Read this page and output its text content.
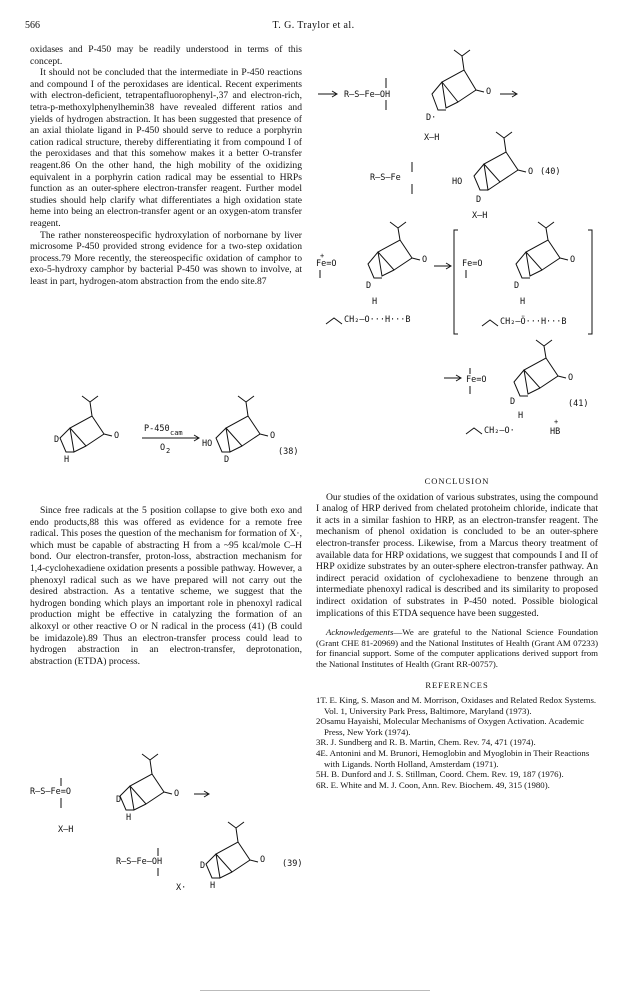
566	T. G. Traylor et al.

oxidases and P-450 may be readily understood in terms of this concept.

It should not be concluded that the intermediate in P-450 reactions and compound I of the peroxidases are identical. Recent experiments with electron-deficient, tetrapentafluorophenyl-,37 and electron-rich, tetra-p-methoxylphenylhemin38 have revealed different ratios and yields of hydrogen abstraction. It has been suggested that presence of an axial thiolate ligand in P-450 should serve to reduce a porphyrin cation radical structure, thereby differentiating it from compound I of the peroxidases and that this somehow makes it a better O-transfer reagent.86 On the other hand, the high mobility of the oxidizing equivalent in a porphyrin cation radical may be essential to HRPs function as an outer-sphere electron-transfer reagent. Further model studies should help clarify what differentiates a high oxidation state heme into being an electron-transfer agent or an oxygen-atom transfer reagent.

The rather nonstereospecific hydroxylation of norbornane by liver microsome P-450 provided strong evidence for a two-step oxidation process.79 More recently, the stereospecific oxidation of camphor to exo-5-hydroxy camphor by bacterial P-450 was shown to involve, at least in part, hydrogen-atom abstraction from the endo site.87

D
H
O
P-450 cam
O 2
HO
D
O
(38)

Since free radicals at the 5 position collapse to give both exo and endo products,88 this was offered as evidence for a remote free radical. This poses the question of the mechanism for formation of X·, which must be capable of abstracting H from a ~95 kcal/mole C–H bond. Our electron-transfer, proton-loss, abstraction mechanism for 1,4-cyclohexadiene oxidation presents a possible pathway. However, a phenoxyl radical such as we have prepared will not carry out the desired abstraction. As a tentative scheme, we suggest that the hydrogen bonding which plays an important role in phenoxyl radical production might be effective in catalyzing the formation of an alkoxyl or other reactive O or N radical in the process (41) (B could be imidazole).89 Thus an electron-transfer process could lead to hydrogen abstraction in an electron-transfer, deprotonation, abstraction (ETDA) process.

R–S–Fe=O
X–H
D
H
O
R–S–Fe–OH
X·
D
H
O (39)
R–S–Fe–OH
D·
O
X–H
R–S–Fe	HO
D
O (40)
X–H
Fe=O
+
D
H
O
CH₂–O···H···B
Fe=O
D
H
O
CH₂–Ö···H···B
Fe=O
D
H
O
(41)
CH₂–O·	HB
+
CONCLUSION

Our studies of the oxidation of various substrates, using the compound I analog of HRP derived from chelated protoheim chloride, indicate that it acts in a similar fashion to HRP, as an electron-transfer reagent. The mechanism of phenol oxidation is concluded to be an outer-sphere electron-transfer process. Likewise, from a Marcus theory treatment of available data for HRP oxidations, we suggest that compounds I and II of HRP oxidize substrates by an outer-sphere electron-transfer pathway. An indirect peracid oxidation of cyclohexadiene to benzene through an intermediate phenoxyl radical is described and its similarity to proposed indirect oxidation of substrates in P-450 noted. Possible biological implications of this ETDA sequence have been suggested.

Acknowledgements—We are grateful to the National Science Foundation (Grant CHE 81-20969) and the National Institutes of Health (Grant AM 07233) for financial support. Some of the computer applications derived support from the National Institutes of Health (Grant RR-00757).

REFERENCES

1T. E. King, S. Mason and M. Morrison, Oxidases and Related Redox Systems. Vol. 1, University Park Press, Baltimore, Maryland (1973).

2Osamu Hayaishi, Molecular Mechanisms of Oxygen Activation. Academic Press, New York (1974).

3R. J. Sundberg and R. B. Martin, Chem. Rev. 74, 471 (1974).

4E. Antonini and M. Brunori, Hemoglobin and Myoglobin in Their Reactions with Ligands. North Holland, Amsterdam (1971).

5H. B. Dunford and J. S. Stillman, Coord. Chem. Rev. 19, 187 (1976).

6R. E. White and M. J. Coon, Ann. Rev. Biochem. 49, 315 (1980).
